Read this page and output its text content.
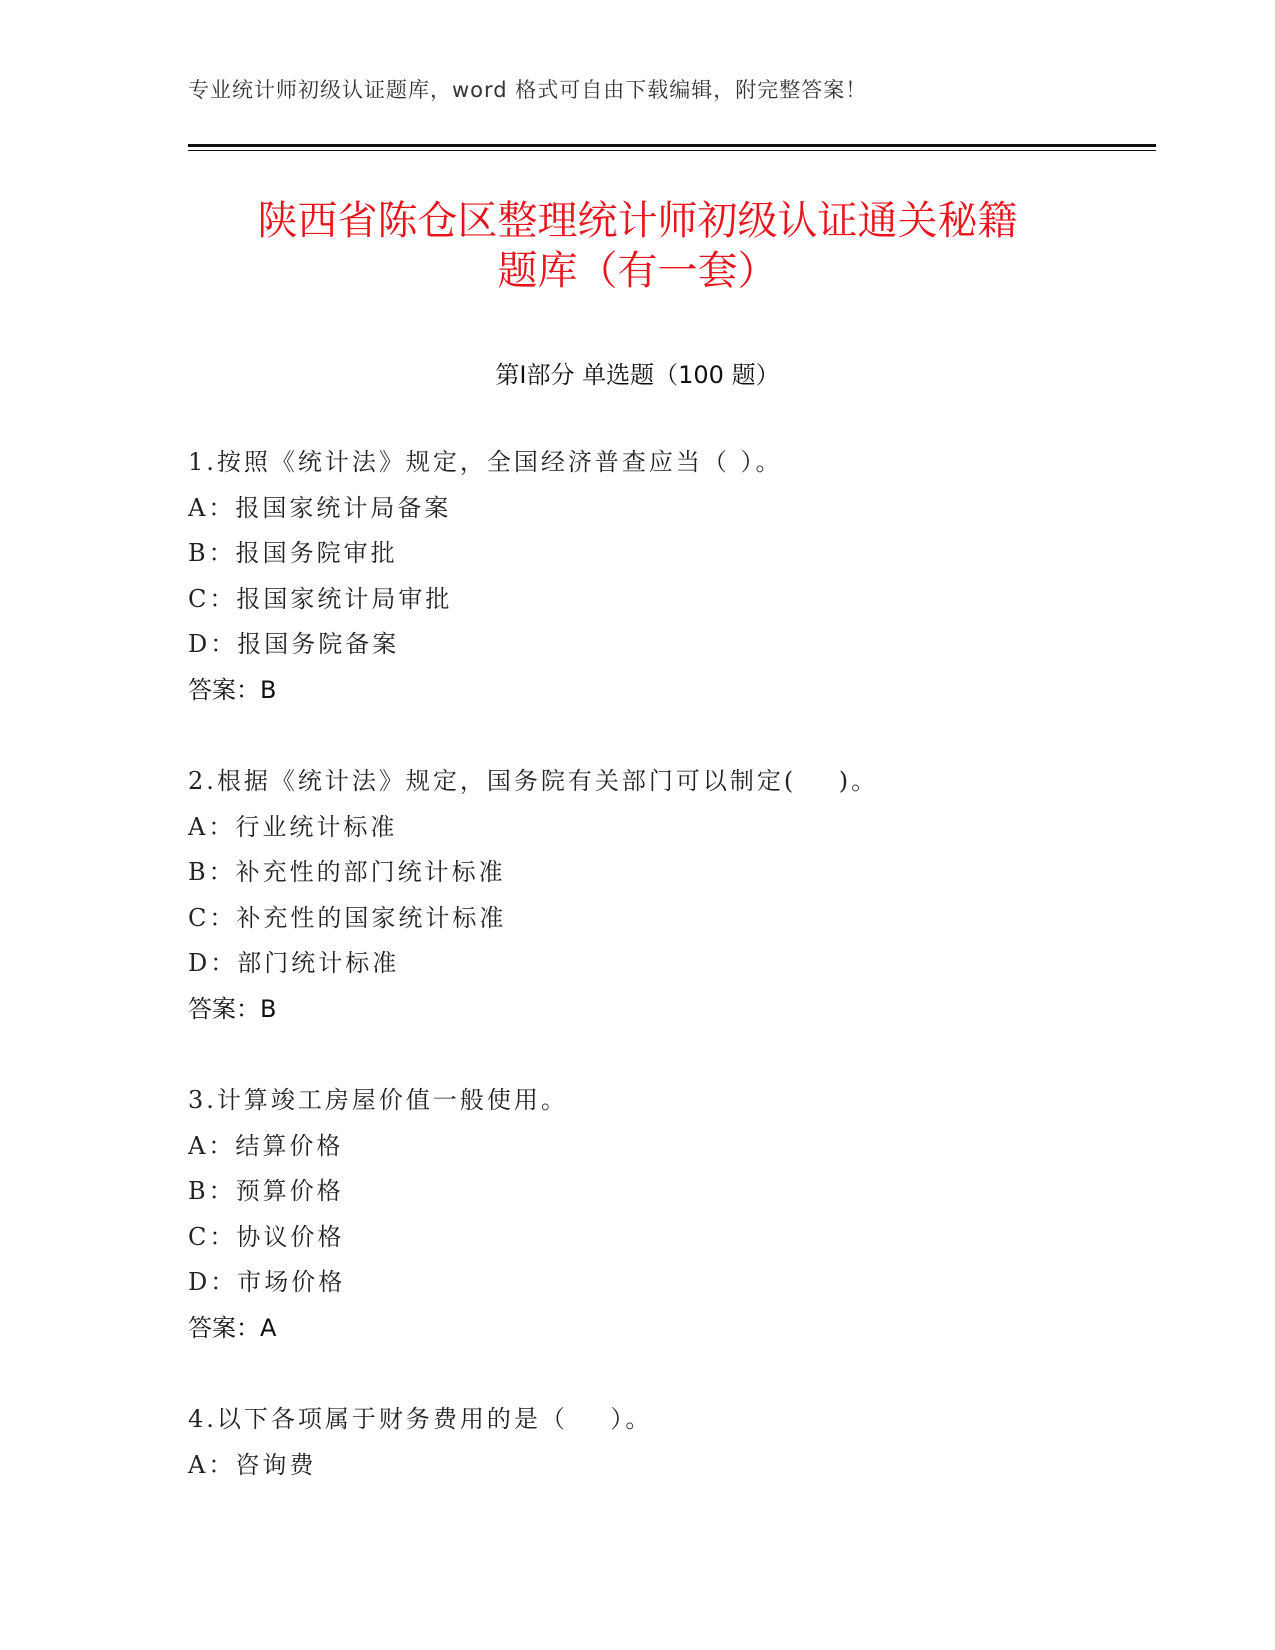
专业统计师初级认证题库，word 格式可自由下载编辑，附完整答案！
陕西省陈仓区整理统计师初级认证通关秘籍
题库（有一套）
第Ⅰ部分 单选题（100 题）
1.按照《统计法》规定，全国经济普查应当（ ）。
A：报国家统计局备案
B：报国务院审批
C：报国家统计局审批
D：报国务院备案
答案：B
2.根据《统计法》规定，国务院有关部门可以制定(    )。
A：行业统计标准
B：补充性的部门统计标准
C：补充性的国家统计标准
D：部门统计标准
答案：B
3.计算竣工房屋价值一般使用。
A：结算价格
B：预算价格
C：协议价格
D：市场价格
答案：A
4.以下各项属于财务费用的是（    ）。
A：咨询费
